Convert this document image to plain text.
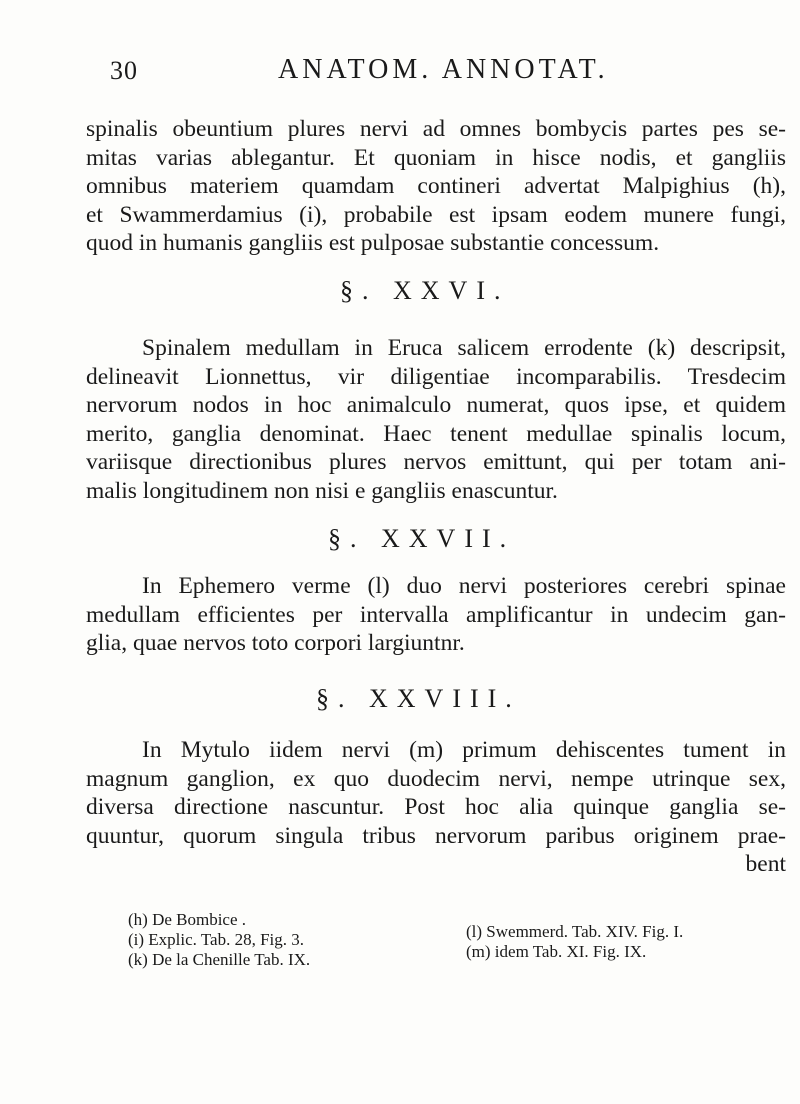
30	ANATOM. ANNOTAT.

spinalis obeuntium plures nervi ad omnes bombycis partes pes se-
mitas varias ablegantur. Et quoniam in hisce nodis, et gangliis
omnibus materiem quamdam contineri advertat Malpighius (h),
et Swammerdamius (i), probabile est ipsam eodem munere fungi,
quod in humanis gangliis est pulposae substantie concessum.

§. XXVI.

Spinalem medullam in Eruca salicem errodente (k) descripsit,
delineavit Lionnettus, vir diligentiae incomparabilis. Tresdecim
nervorum nodos in hoc animalculo numerat, quos ipse, et quidem
merito, ganglia denominat. Haec tenent medullae spinalis locum,
variisque directionibus plures nervos emittunt, qui per totam ani-
malis longitudinem non nisi e gangliis enascuntur.

§. XXVII.

In Ephemero verme (l) duo nervi posteriores cerebri spinae
medullam efficientes per intervalla amplificantur in undecim gan-
glia, quae nervos toto corpori largiuntnr.

§. XXVIII.

In Mytulo iidem nervi (m) primum dehiscentes tument in
magnum ganglion, ex quo duodecim nervi, nempe utrinque sex,
diversa directione nascuntur. Post hoc alia quinque ganglia se-
quuntur, quorum singula tribus nervorum paribus originem prae-
bent

(h) De Bombice .
(i) Explic. Tab. 28, Fig. 3.
(k) De la Chenille Tab. IX.
(l) Swemmerd. Tab. XIV. Fig. I.
(m) idem Tab. XI. Fig. IX.
